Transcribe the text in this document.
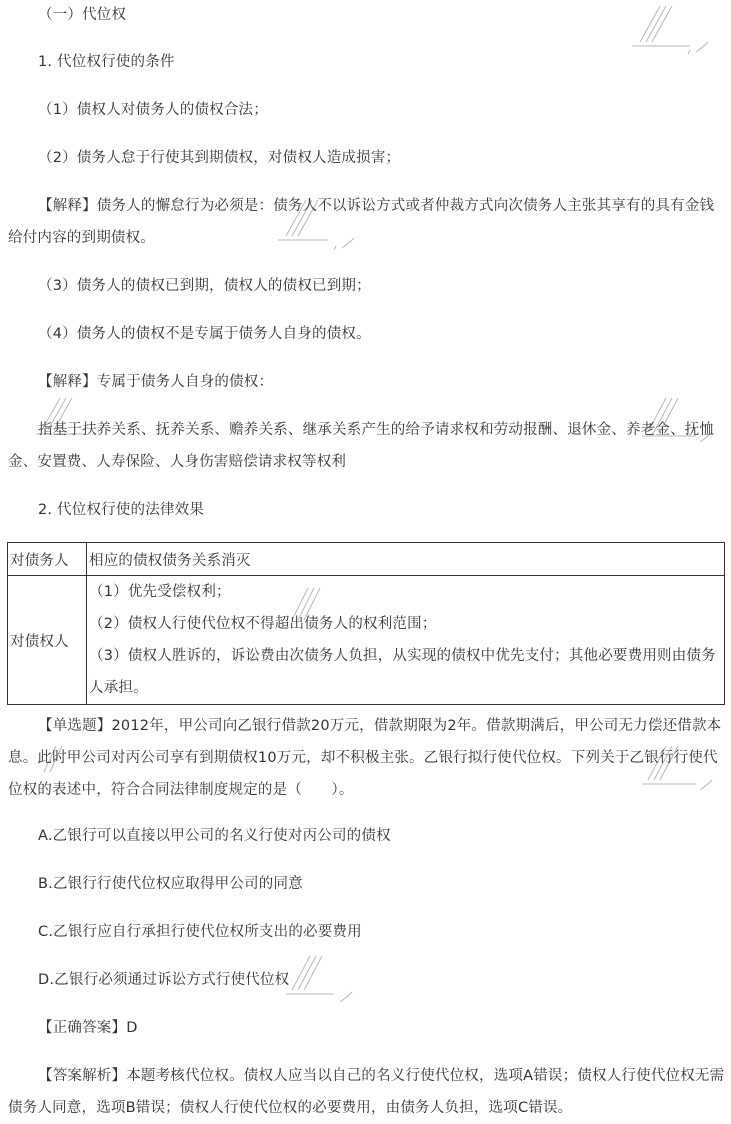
（一）代位权
1. 代位权行使的条件
（1）债权人对债务人的债权合法；
（2）债务人怠于行使其到期债权，对债权人造成损害；
【解释】债务人的懈怠行为必须是：债务人不以诉讼方式或者仲裁方式向次债务人主张其享有的具有金钱给付内容的到期债权。
（3）债务人的债权已到期，债权人的债权已到期；
（4）债务人的债权不是专属于债务人自身的债权。
【解释】专属于债务人自身的债权：
指基于扶养关系、抚养关系、赡养关系、继承关系产生的给予请求权和劳动报酬、退休金、养老金、抚恤金、安置费、人寿保险、人身伤害赔偿请求权等权利
2. 代位权行使的法律效果
对债务人	相应的债权债务关系消灭
对债权人	（1）优先受偿权利；
（2）债权人行使代位权不得超出债务人的权利范围；
（3）债权人胜诉的，诉讼费由次债务人负担，从实现的债权中优先支付；其他必要费用则由债务人承担。
【单选题】2012年，甲公司向乙银行借款20万元，借款期限为2年。借款期满后，甲公司无力偿还借款本息。此时甲公司对丙公司享有到期债权10万元，却不积极主张。乙银行拟行使代位权。下列关于乙银行行使代位权的表述中，符合合同法律制度规定的是（　　）。
A.乙银行可以直接以甲公司的名义行使对丙公司的债权
B.乙银行行使代位权应取得甲公司的同意
C.乙银行应自行承担行使代位权所支出的必要费用
D.乙银行必须通过诉讼方式行使代位权
【正确答案】D
【答案解析】本题考核代位权。债权人应当以自己的名义行使代位权，选项A错误；债权人行使代位权无需债务人同意，选项B错误；债权人行使代位权的必要费用，由债务人负担，选项C错误。
